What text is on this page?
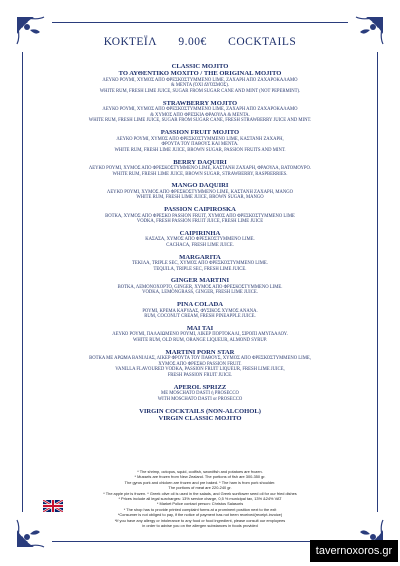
ΚΟΚΤΕΪΛ 9.00€ COCKTAILS
CLASSIC MOJITO
ΤΟ ΑΥΘΕΝΤΙΚΟ ΜΟΧΙΤΟ / THE ORIGINAL MOJITO
ΛΕΥΚΟ ΡΟΥΜΙ, ΧΥΜΟΣ ΑΠΟ ΦΡΕΣΚΟΣΤΥΜΜΕΝΟ LIME, ΖΑΧΑΡΗ ΑΠΟ ΖΑΧΑΡΟΚΑΛΑΜΟ
& ΜΕΝΤΑ (ΌΧΙ ΔΥΌΣΜΟΣ).
WHITE RUM, FRESH LIME JUICE, SUGAR FROM SUGAR CANE AND MINT (NOT PEPERMINT).
STRAWBERRY MOJITO
ΛΕΥΚΟ ΡΟΥΜΙ, ΧΥΜΟΣ ΑΠΟ ΦΡΕΣΚΟΣΤΥΜΜΕΝΟ LIME, ΖΑΧΑΡΗ ΑΠΟ ΖΑΧΑΡΟΚΑΛΑΜΟ
& ΧΥΜΟΣ ΑΠΟ ΦΡΕΣΚΙΑ ΦΡΑΟΥΛΑ & ΜΕΝΤΑ.
WHITE RUM, FRESH LIME JUICE, SUGAR FROM SUGAR CANE, FRESH STRAWBERRY JUICE AND MINT.
PASSION FRUIT MOJITO
ΛΕΥΚΟ ΡΟΥΜΙ, ΧΥΜΟΣ ΑΠΟ ΦΡΕΣΚΟΣΤΥΜΜΕΝΟ LIME, ΚΑΣΤΑΝΗ ΖΑΧΑΡΗ,
ΦΡΟΥΤΑ ΤΟΥ ΠΑΘΟΥΣ ΚΑΙ ΜΕΝΤΑ.
WHITE RUM, FRESH LIME JUICE, BROWN SUGAR, PASSION FRUITS AND MINT.
BERRY DAQUIRI
ΛΕΥΚΟ ΡΟΥΜΙ, ΧΥΜΟΣ ΑΠΟ ΦΡΕΣΚΟΣΤΥΜΜΕΝΟ LIME, ΚΑΣΤΑΝΗ ΖΑΧΑΡΗ, ΦΡΑΟΥΛΑ, ΒΑΤΟΜΟΥΡΟ.
WHITE RUM, FRESH LIME JUICE, BROWN SUGAR, STRAWBERRY, RASPBERRIES.
MANGO DAQUIRI
ΛΕΥΚΟ ΡΟΥΜΙ, ΧΥΜΟΣ ΑΠΟ ΦΡΕΣΚΟΣΤΥΜΜΕΝΟ LIME, ΚΑΣΤΑΝΗ ΖΑΧΑΡΗ, MANGO
WHITE RUM, FRESH LIME JUICE, BROWN SUGAR, MANGO
PASSION CAIPIROSKA
ΒΟΤΚΑ, ΧΥΜΟΣ ΑΠΟ ΦΡΕΣΚΟ PASSION FRUIT, ΧΥΜΟΣ ΑΠΟ ΦΡΕΣΚΟΣΤΥΜΜΕΝΟ LIME
VODKA, FRESH PASSION FRUIT JUICE, FRESH LIME JUICE
CAIPIRINHA
ΚΑΣΑΣΑ, ΧΥΜΟΣ ΑΠΟ ΦΡΕΣΚΟΣΤΥΜΜΕΝΟ LIME.
CACHACA, FRESH LIME JUICE.
MARGARITA
ΤΕΚΙΛΑ, TRIPLE SEC, ΧΥΜΟΣ ΑΠΟ ΦΡΕΣΚΟΣΤΥΜΜΕΝΟ LIME.
TEQUILA, TRIPLE SEC, FRESH LIME JUICE.
GINGER MARTINI
ΒΟΤΚΑ, ΛΕΜΟΝΟΧΟΡΤΟ, GINGER, ΧΥΜΟΣ ΑΠΟ ΦΡΕΣΚΟΣΤΥΜΜΕΝΟ LIME.
VODKA, LEMONGRASS, GINGER, FRESH LIME JUICE.
PINA COLADA
ΡΟΥΜΙ, ΚΡΕΜΑ ΚΑΡΥΔΑΣ, ΦΥΣΙΚΟΣ ΧΥΜΟΣ ΑΝΑΝΑ.
RUM, COCONUT CREAM, FRESH PINEAPPLE JUICE.
MAI TAI
ΛΕΥΚΟ ΡΟΥΜΙ, ΠΑΛΑΙΩΜΕΝΟ ΡΟΥΜΙ, ΛΙΚΕΡ ΠΟΡΤΟΚΑΛΙ, ΣΙΡΟΠΙ ΑΜΥΓΔΑΛΟΥ.
WHITE RUM, OLD RUM, ORANGE LIQUEUR, ALMOND SYRUP.
MARTINI PORN STAR
ΒΟΤΚΑ ΜΕ ΑΡΩΜΑ ΒΑΝΙΛΙΑΣ, ΛΙΚΕΡ ΦΡΟΥΤΑ ΤΟΥ ΠΑΘΟΥΣ, ΧΥΜΟΣ ΑΠΟ ΦΡΕΣΚΟΣΤΥΜΜΕΝΟ LIME,
ΧΥΜΟΣ ΑΠΟ ΦΡΕΣΚΟ PASSION FRUIT.
VANILLA FLAVOURED VODKA, PASSION FRUIT LIQUEUR, FRESH LIME JUICE,
FRESH PASSION FRUIT JUICE.
APEROL SPRIZZ
ΜΕ MOSCHATO DASTI ή PROSECCO
WITH MOSCHATO DASTI or PROSECCO
VIRGIN COCKTAILS (NON-ALCOHOL)
VIRGIN CLASSIC MOJITO
* The shrimp, octopus, squid, codfish, swordfish and potatoes are frozen.
* Mussels are frozen from New Zealand. The portions of fish are 300-350 gr.
The gyros pork and chicken are frozen and pre baked. * The ham is from pork shoulder.
The portions of meat are 220-240 gr.
* The apple pie is frozen. * Greek olive oil is used in the salads, and Greek sunflower seed oil for our fried dishes
* Prices include all legal surcharges: 13% service charge, 0,5 % municipal tax, 13% &24% VAT
* Market Police contact person: Christos Salasoris
* The shop has to provide printed complaint forms at a prominent position next to the exit
*Consumer is not obliged to pay, if the notice of payment has not been received(receipt-invoice)
*If you have any allergy or intolerance to any food or food ingredient, please consult our employees
in order to advise you on the allergen substances in foods provided
tavernoxoros.gr
